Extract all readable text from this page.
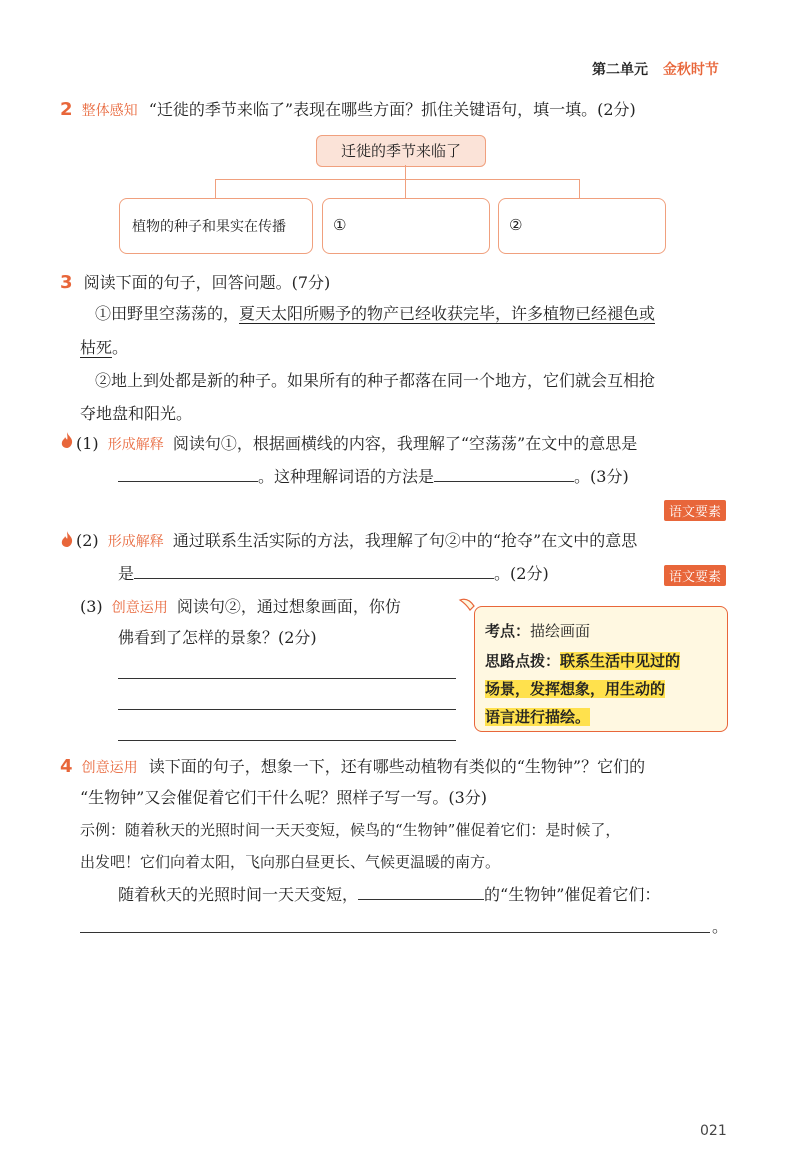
第二单元 金秋时节
2 整体感知 “迁徙的季节来临了”表现在哪些方面？抓住关键语句，填一填。(2分)
迁徙的季节来临了
植物的种子和果实在传播	①	②
3 阅读下面的句子，回答问题。(7分)
①田野里空荡荡的，夏天太阳所赐予的物产已经收获完毕，许多植物已经褪色或
枯死。
②地上到处都是新的种子。如果所有的种子都落在同一个地方，它们就会互相抢
夺地盘和阳光。
(1) 形成解释 阅读句①，根据画横线的内容，我理解了“空荡荡”在文中的意思是
。这种理解词语的方法是	。(3分)
语文要素
(2) 形成解释 通过联系生活实际的方法，我理解了句②中的“抢夺”在文中的意思
是	。(2分)	语文要素
(3) 创意运用 阅读句②，通过想象画面，你仿
佛看到了怎样的景象？(2分)	考点：描绘画面
思路点拨：联系生活中见过的
场景，发挥想象，用生动的
语言进行描绘。
4 创意运用 读下面的句子，想象一下，还有哪些动植物有类似的“生物钟”？它们的
“生物钟”又会催促着它们干什么呢？照样子写一写。(3分)
示例：随着秋天的光照时间一天天变短，候鸟的“生物钟”催促着它们：是时候了，
出发吧！它们向着太阳，飞向那白昼更长、气候更温暖的南方。
随着秋天的光照时间一天天变短，	的“生物钟”催促着它们：
。
021
